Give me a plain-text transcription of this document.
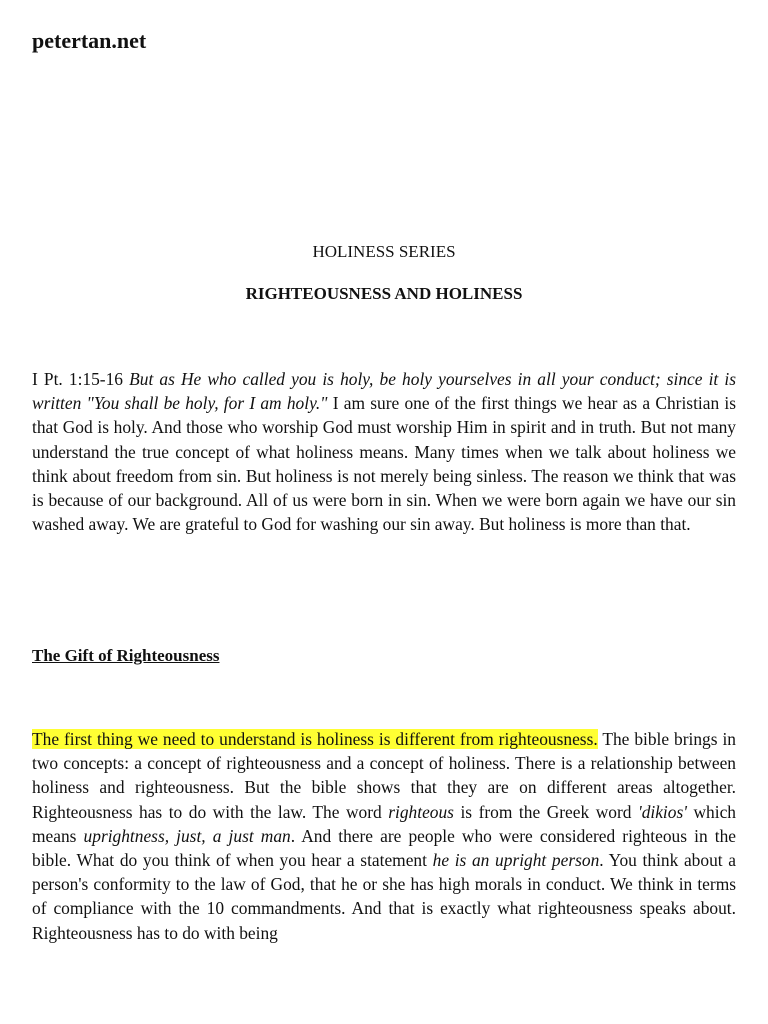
petertan.net
HOLINESS SERIES
RIGHTEOUSNESS AND HOLINESS

I Pt. 1:15-16 But as He who called you is holy, be holy yourselves in all your conduct; since it is written "You shall be holy, for I am holy." I am sure one of the first things we hear as a Christian is that God is holy. And those who worship God must worship Him in spirit and in truth. But not many understand the true concept of what holiness means. Many times when we talk about holiness we think about freedom from sin. But holiness is not merely being sinless. The reason we think that was is because of our background. All of us were born in sin. When we were born again we have our sin washed away. We are grateful to God for washing our sin away. But holiness is more than that.

The Gift of Righteousness

The first thing we need to understand is holiness is different from righteousness. The bible brings in two concepts: a concept of righteousness and a concept of holiness. There is a relationship between holiness and righteousness. But the bible shows that they are on different areas altogether. Righteousness has to do with the law. The word righteous is from the Greek word 'dikios' which means uprightness, just, a just man. And there are people who were considered righteous in the bible. What do you think of when you hear a statement he is an upright person. You think about a person's conformity to the law of God, that he or she has high morals in conduct. We think in terms of compliance with the 10 commandments. And that is exactly what righteousness speaks about. Righteousness has to do with being
